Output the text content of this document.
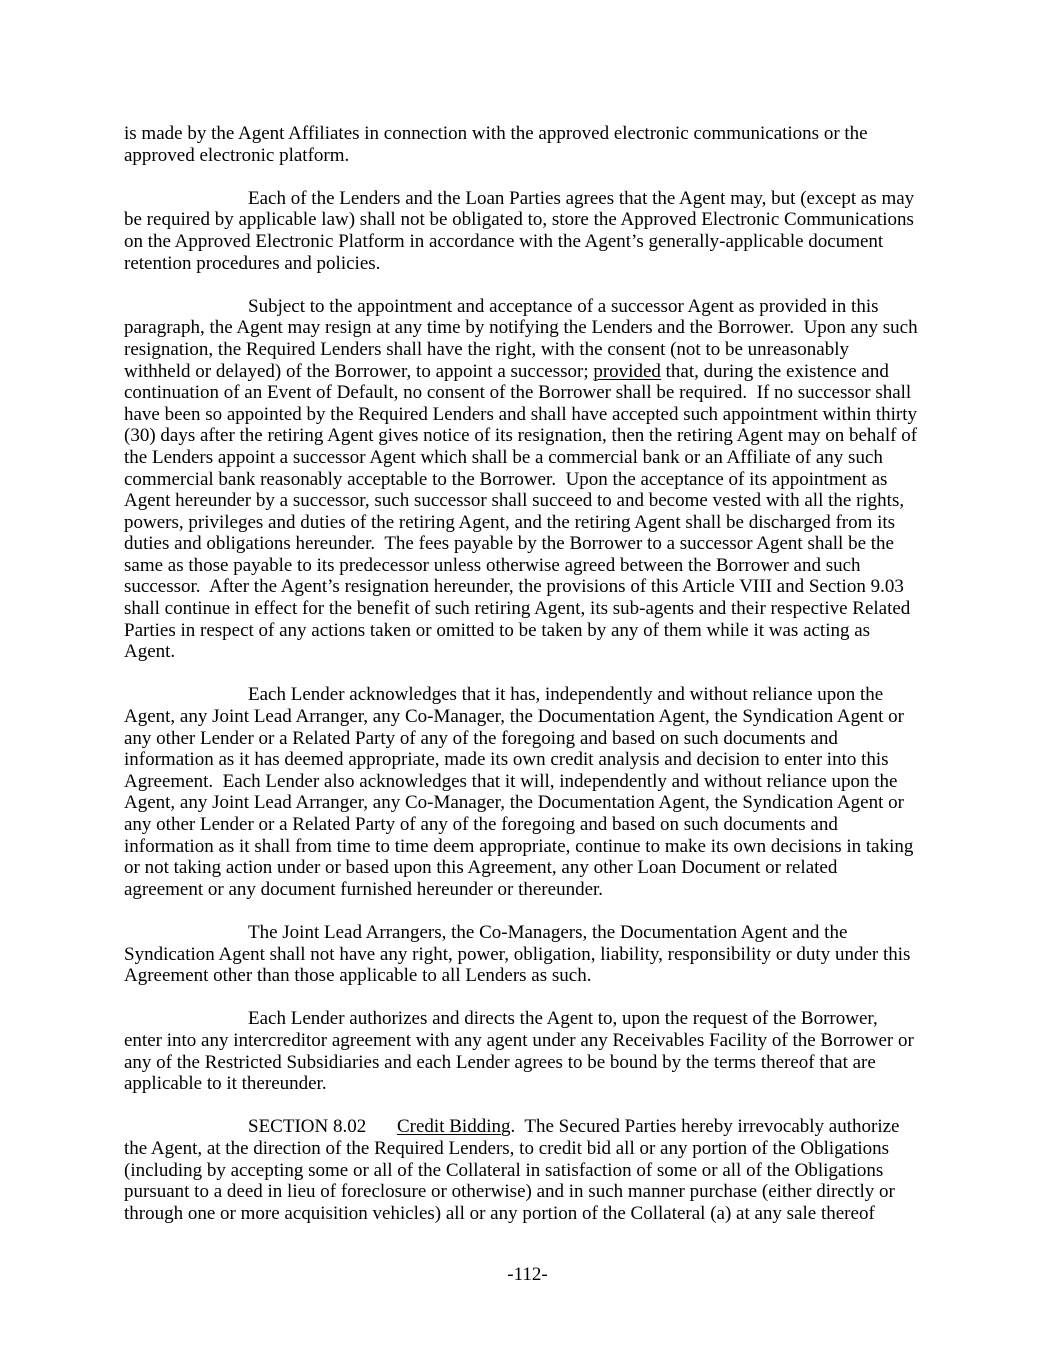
is made by the Agent Affiliates in connection with the approved electronic communications or the
approved electronic platform.
Each of the Lenders and the Loan Parties agrees that the Agent may, but (except as may
be required by applicable law) shall not be obligated to, store the Approved Electronic Communications
on the Approved Electronic Platform in accordance with the Agent’s generally-applicable document
retention procedures and policies.
Subject to the appointment and acceptance of a successor Agent as provided in this
paragraph, the Agent may resign at any time by notifying the Lenders and the Borrower.  Upon any such
resignation, the Required Lenders shall have the right, with the consent (not to be unreasonably
withheld or delayed) of the Borrower, to appoint a successor; provided that, during the existence and
continuation of an Event of Default, no consent of the Borrower shall be required.  If no successor shall
have been so appointed by the Required Lenders and shall have accepted such appointment within thirty
(30) days after the retiring Agent gives notice of its resignation, then the retiring Agent may on behalf of
the Lenders appoint a successor Agent which shall be a commercial bank or an Affiliate of any such
commercial bank reasonably acceptable to the Borrower.  Upon the acceptance of its appointment as
Agent hereunder by a successor, such successor shall succeed to and become vested with all the rights,
powers, privileges and duties of the retiring Agent, and the retiring Agent shall be discharged from its
duties and obligations hereunder.  The fees payable by the Borrower to a successor Agent shall be the
same as those payable to its predecessor unless otherwise agreed between the Borrower and such
successor.  After the Agent’s resignation hereunder, the provisions of this Article VIII and Section 9.03
shall continue in effect for the benefit of such retiring Agent, its sub-agents and their respective Related
Parties in respect of any actions taken or omitted to be taken by any of them while it was acting as
Agent.
Each Lender acknowledges that it has, independently and without reliance upon the
Agent, any Joint Lead Arranger, any Co-Manager, the Documentation Agent, the Syndication Agent or
any other Lender or a Related Party of any of the foregoing and based on such documents and
information as it has deemed appropriate, made its own credit analysis and decision to enter into this
Agreement.  Each Lender also acknowledges that it will, independently and without reliance upon the
Agent, any Joint Lead Arranger, any Co-Manager, the Documentation Agent, the Syndication Agent or
any other Lender or a Related Party of any of the foregoing and based on such documents and
information as it shall from time to time deem appropriate, continue to make its own decisions in taking
or not taking action under or based upon this Agreement, any other Loan Document or related
agreement or any document furnished hereunder or thereunder.
The Joint Lead Arrangers, the Co-Managers, the Documentation Agent and the
Syndication Agent shall not have any right, power, obligation, liability, responsibility or duty under this
Agreement other than those applicable to all Lenders as such.
Each Lender authorizes and directs the Agent to, upon the request of the Borrower,
enter into any intercreditor agreement with any agent under any Receivables Facility of the Borrower or
any of the Restricted Subsidiaries and each Lender agrees to be bound by the terms thereof that are
applicable to it thereunder.
SECTION 8.02 Credit Bidding.  The Secured Parties hereby irrevocably authorize
the Agent, at the direction of the Required Lenders, to credit bid all or any portion of the Obligations
(including by accepting some or all of the Collateral in satisfaction of some or all of the Obligations
pursuant to a deed in lieu of foreclosure or otherwise) and in such manner purchase (either directly or
through one or more acquisition vehicles) all or any portion of the Collateral (a) at any sale thereof
-112-
